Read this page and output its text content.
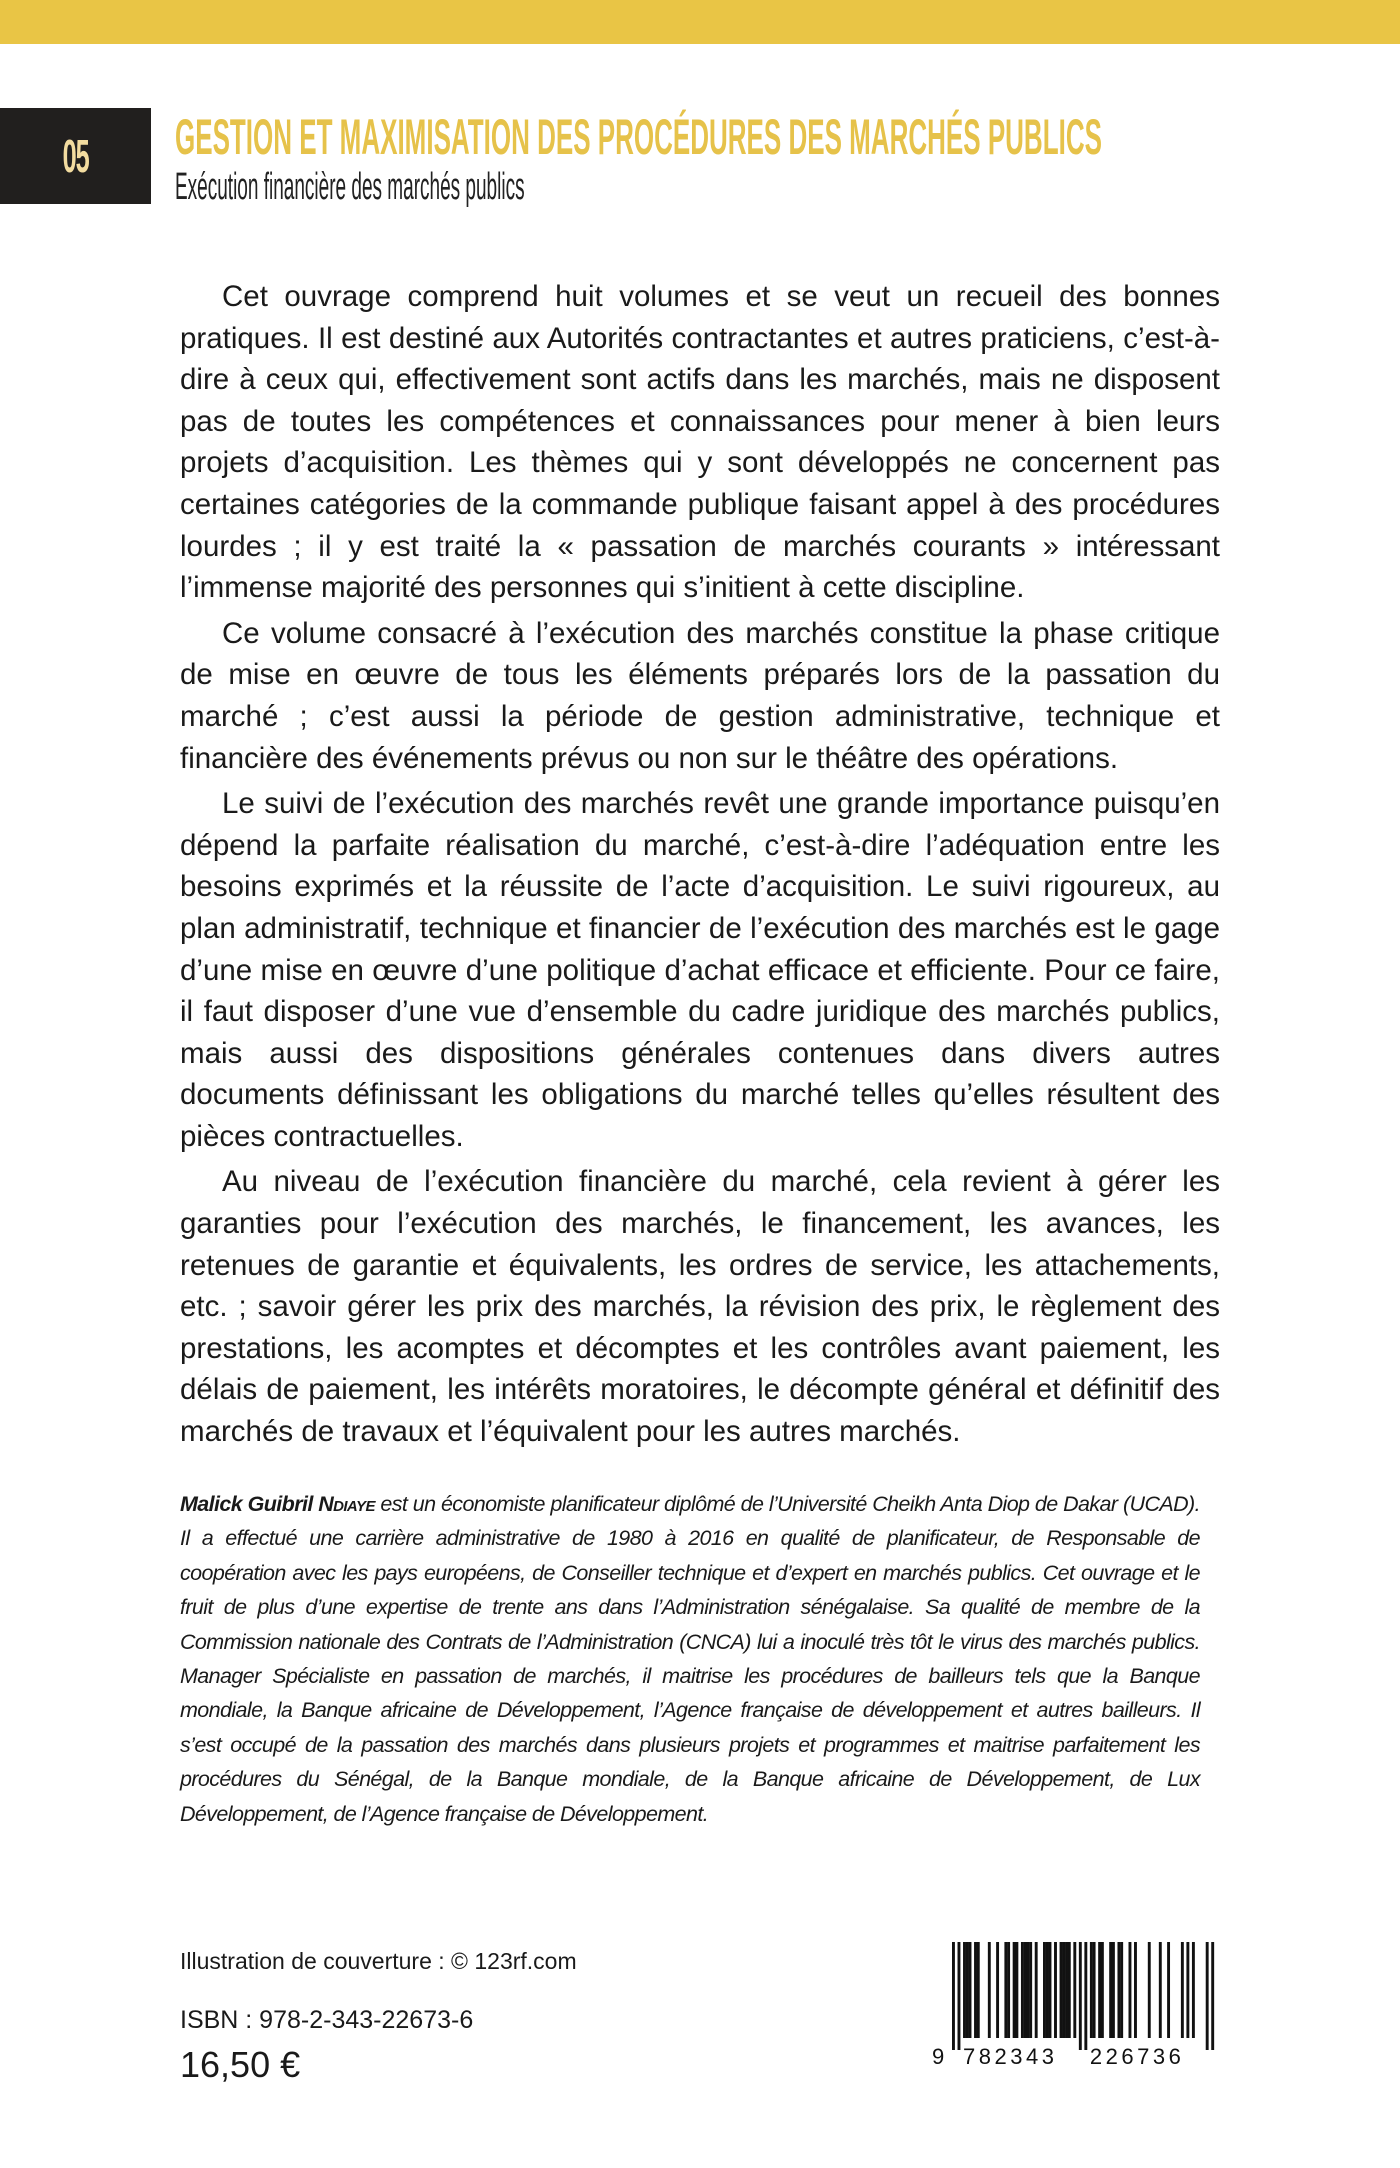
05 GESTION ET MAXIMISATION DES PROCÉDURES DES MARCHÉS PUBLICS
Exécution financière des marchés publics

Cet ouvrage comprend huit volumes et se veut un recueil des bonnes pratiques. Il est destiné aux Autorités contractantes et autres praticiens, c’est-à-dire à ceux qui, effectivement sont actifs dans les marchés, mais ne disposent pas de toutes les compétences et connaissances pour mener à bien leurs projets d’acquisition. Les thèmes qui y sont développés ne concernent pas certaines catégories de la commande publique faisant appel à des procédures lourdes ; il y est traité la « passation de marchés courants » intéressant l’immense majorité des personnes qui s’initient à cette discipline.

Ce volume consacré à l’exécution des marchés constitue la phase critique de mise en œuvre de tous les éléments préparés lors de la passation du marché ; c’est aussi la période de gestion administrative, technique et financière des événements prévus ou non sur le théâtre des opérations.

Le suivi de l’exécution des marchés revêt une grande importance puisqu’en dépend la parfaite réalisation du marché, c’est-à-dire l’adéquation entre les besoins exprimés et la réussite de l’acte d’acquisition. Le suivi rigoureux, au plan administratif, technique et financier de l’exécution des marchés est le gage d’une mise en œuvre d’une politique d’achat efficace et efficiente. Pour ce faire, il faut disposer d’une vue d’ensemble du cadre juridique des marchés publics, mais aussi des dispositions générales contenues dans divers autres documents définissant les obligations du marché telles qu’elles résultent des pièces contractuelles.

Au niveau de l’exécution financière du marché, cela revient à gérer les garanties pour l’exécution des marchés, le financement, les avances, les retenues de garantie et équivalents, les ordres de service, les attachements, etc. ; savoir gérer les prix des marchés, la révision des prix, le règlement des prestations, les acomptes et décomptes et les contrôles avant paiement, les délais de paiement, les intérêts moratoires, le décompte général et définitif des marchés de travaux et l’équivalent pour les autres marchés.

Malick Guibril Ndiaye est un économiste planificateur diplômé de l’Université Cheikh Anta Diop de Dakar (UCAD). Il a effectué une carrière administrative de 1980 à 2016 en qualité de planificateur, de Responsable de coopération avec les pays européens, de Conseiller technique et d’expert en marchés publics. Cet ouvrage et le fruit de plus d’une expertise de trente ans dans l’Administration sénégalaise. Sa qualité de membre de la Commission nationale des Contrats de l’Administration (CNCA) lui a inoculé très tôt le virus des marchés publics. Manager Spécialiste en passation de marchés, il maitrise les procédures de bailleurs tels que la Banque mondiale, la Banque africaine de Développement, l’Agence française de développement et autres bailleurs. Il s’est occupé de la passation des marchés dans plusieurs projets et programmes et maitrise parfaitement les procédures du Sénégal, de la Banque mondiale, de la Banque africaine de Développement, de Lux Développement, de l’Agence française de Développement.
Illustration de couverture : © 123rf.com
ISBN : 978-2-343-22673-6
16,50 €	9 782343 226736
